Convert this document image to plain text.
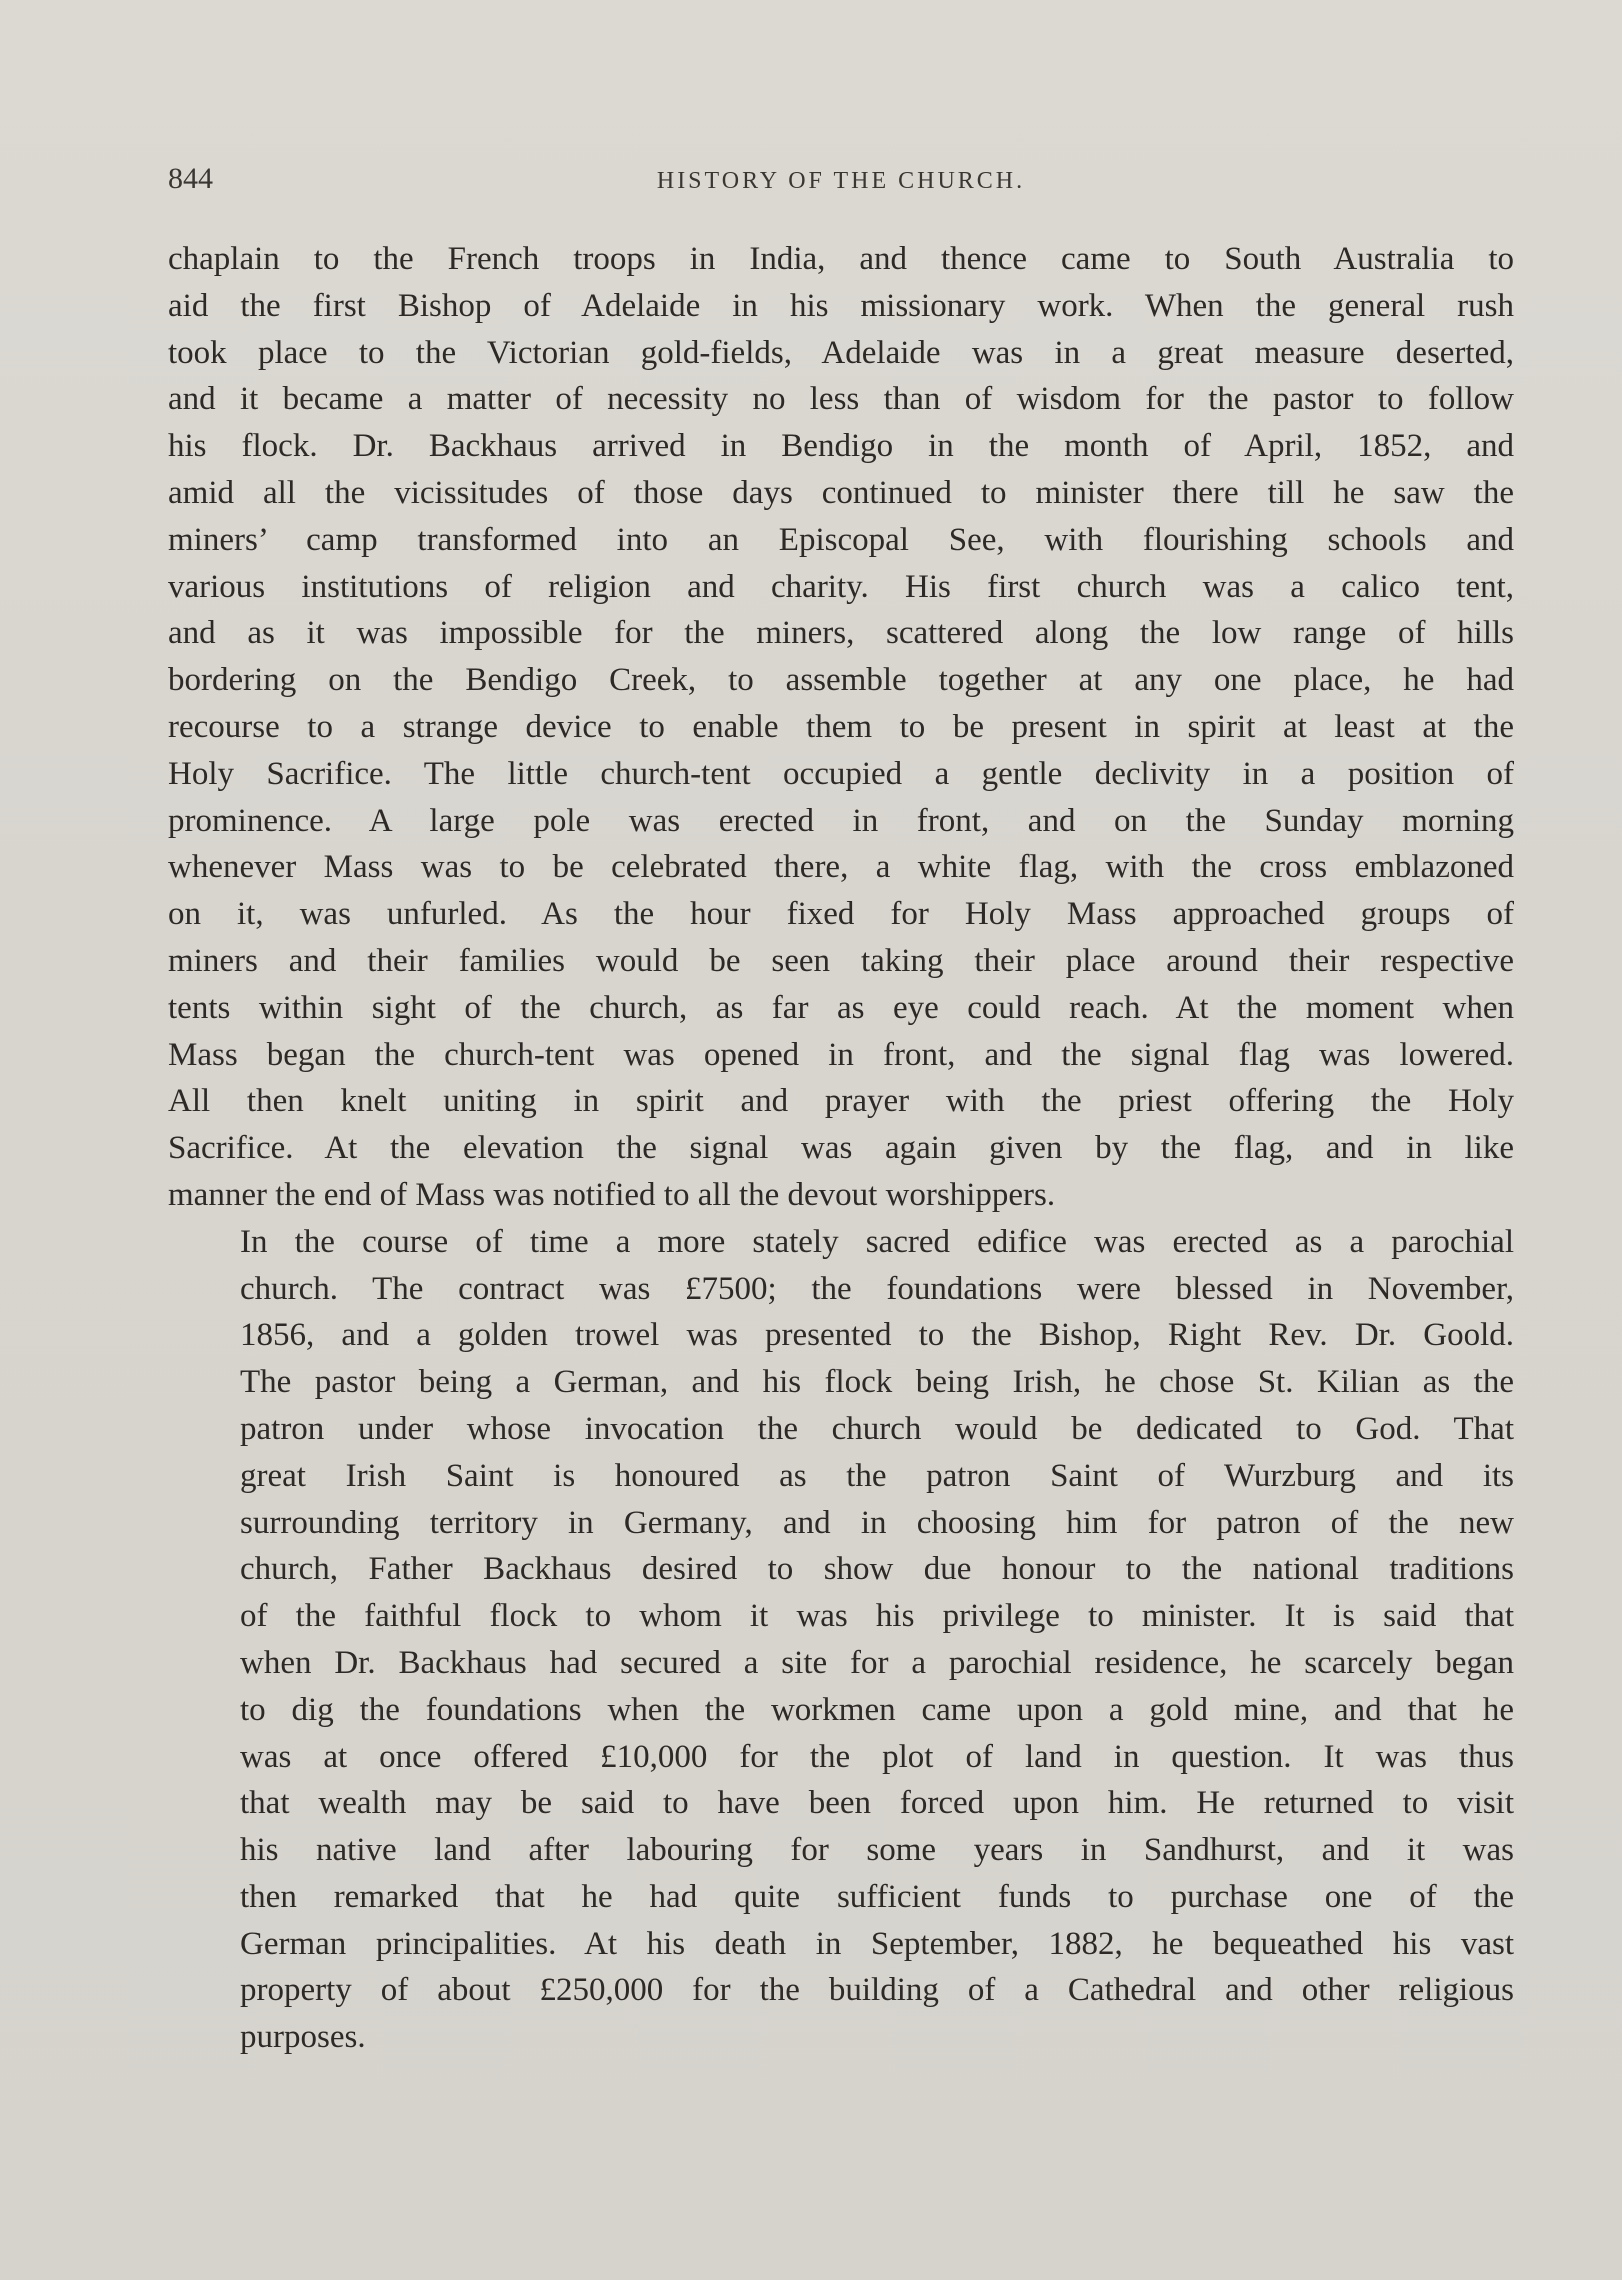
844	HISTORY OF THE CHURCH.

chaplain to the French troops in India, and thence came to South Australia to
aid the first Bishop of Adelaide in his missionary work. When the general rush
took place to the Victorian gold-fields, Adelaide was in a great measure deserted,
and it became a matter of necessity no less than of wisdom for the pastor to follow
his flock. Dr. Backhaus arrived in Bendigo in the month of April, 1852, and
amid all the vicissitudes of those days continued to minister there till he saw the
miners’ camp transformed into an Episcopal See, with flourishing schools and
various institutions of religion and charity. His first church was a calico tent,
and as it was impossible for the miners, scattered along the low range of hills
bordering on the Bendigo Creek, to assemble together at any one place, he had
recourse to a strange device to enable them to be present in spirit at least at the
Holy Sacrifice. The little church-tent occupied a gentle declivity in a position of
prominence. A large pole was erected in front, and on the Sunday morning
whenever Mass was to be celebrated there, a white flag, with the cross emblazoned
on it, was unfurled. As the hour fixed for Holy Mass approached groups of
miners and their families would be seen taking their place around their respective
tents within sight of the church, as far as eye could reach. At the moment when
Mass began the church-tent was opened in front, and the signal flag was lowered.
All then knelt uniting in spirit and prayer with the priest offering the Holy
Sacrifice. At the elevation the signal was again given by the flag, and in like
manner the end of Mass was notified to all the devout worshippers.

In the course of time a more stately sacred edifice was erected as a parochial
church. The contract was £7500; the foundations were blessed in November,
1856, and a golden trowel was presented to the Bishop, Right Rev. Dr. Goold.
The pastor being a German, and his flock being Irish, he chose St. Kilian as the
patron under whose invocation the church would be dedicated to God. That
great Irish Saint is honoured as the patron Saint of Wurzburg and its
surrounding territory in Germany, and in choosing him for patron of the new
church, Father Backhaus desired to show due honour to the national traditions
of the faithful flock to whom it was his privilege to minister. It is said that
when Dr. Backhaus had secured a site for a parochial residence, he scarcely began
to dig the foundations when the workmen came upon a gold mine, and that he
was at once offered £10,000 for the plot of land in question. It was thus
that wealth may be said to have been forced upon him. He returned to visit
his native land after labouring for some years in Sandhurst, and it was
then remarked that he had quite sufficient funds to purchase one of the
German principalities. At his death in September, 1882, he bequeathed his vast
property of about £250,000 for the building of a Cathedral and other religious
purposes.
